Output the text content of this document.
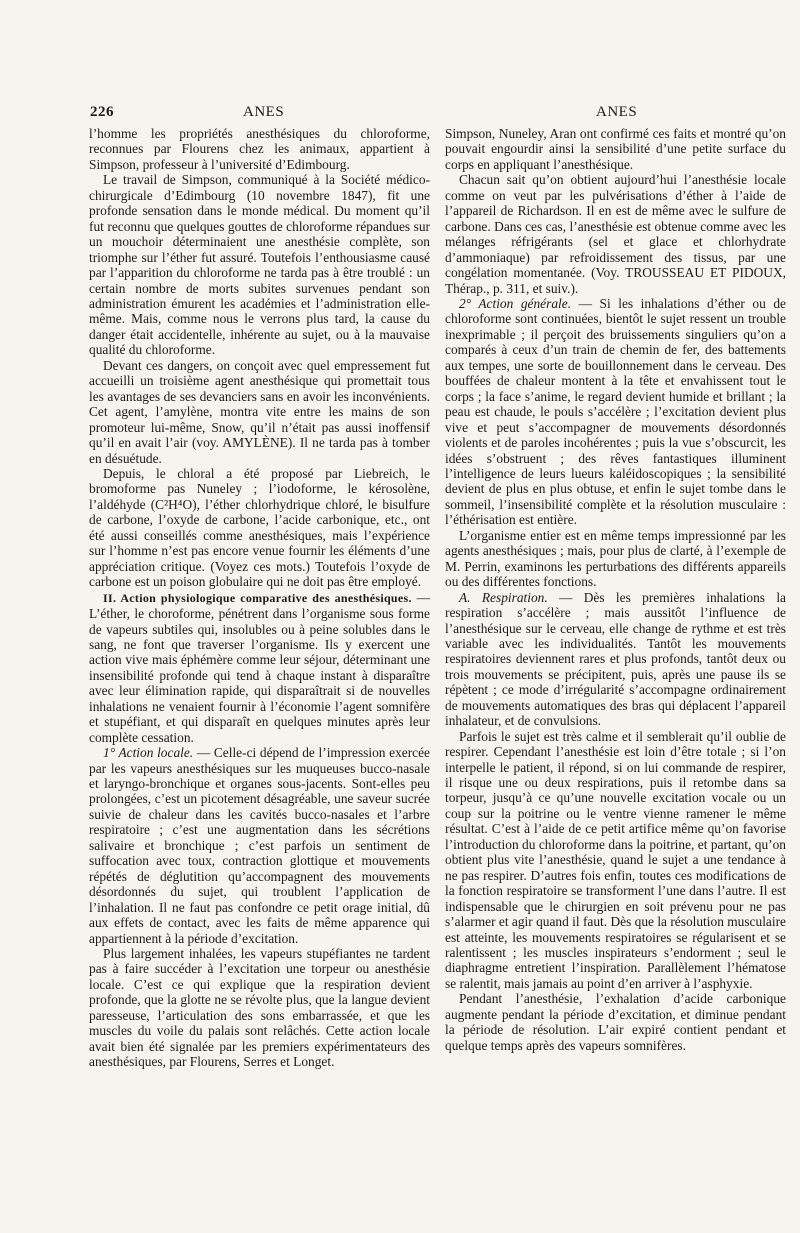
226	ANES	ANES

l’homme les propriétés anesthésiques du chloroforme, reconnues par Flourens chez les animaux, appartient à Simpson, professeur à l’université d’Edimbourg.

Le travail de Simpson, communiqué à la Société médico-chirurgicale d’Edimbourg (10 novembre 1847), fit une profonde sensation dans le monde médical. Du moment qu’il fut reconnu que quelques gouttes de chloroforme répandues sur un mouchoir déterminaient une anesthésie complète, son triomphe sur l’éther fut assuré. Toutefois l’enthousiasme causé par l’apparition du chloroforme ne tarda pas à être troublé : un certain nombre de morts subites survenues pendant son administration émurent les académies et l’administration elle-même. Mais, comme nous le verrons plus tard, la cause du danger était accidentelle, inhérente au sujet, ou à la mauvaise qualité du chloroforme.

Devant ces dangers, on conçoit avec quel empressement fut accueilli un troisième agent anesthésique qui promettait tous les avantages de ses devanciers sans en avoir les inconvénients. Cet agent, l’amylène, montra vite entre les mains de son promoteur lui-même, Snow, qu’il n’était pas aussi inoffensif qu’il en avait l’air (voy. AMYLÈNE). Il ne tarda pas à tomber en désuétude.

Depuis, le chloral a été proposé par Liebreich, le bromoforme pas Nuneley ; l’iodoforme, le kérosolène, l’aldéhyde (C²H⁴O), l’éther chlorhydrique chloré, le bisulfure de carbone, l’oxyde de carbone, l’acide carbonique, etc., ont été aussi conseillés comme anesthésiques, mais l’expérience sur l’homme n’est pas encore venue fournir les éléments d’une appréciation critique. (Voyez ces mots.) Toutefois l’oxyde de carbone est un poison globulaire qui ne doit pas être employé.

II. Action physiologique comparative des anesthésiques. — L’éther, le choroforme, pénétrent dans l’organisme sous forme de vapeurs subtiles qui, insolubles ou à peine solubles dans le sang, ne font que traverser l’organisme. Ils y exercent une action vive mais éphémère comme leur séjour, déterminant une insensibilité profonde qui tend à chaque instant à disparaître avec leur élimination rapide, qui disparaîtrait si de nouvelles inhalations ne venaient fournir à l’économie l’agent somnifère et stupéfiant, et qui disparaît en quelques minutes après leur complète cessation.

1° Action locale. — Celle-ci dépend de l’impression exercée par les vapeurs anesthésiques sur les muqueuses bucco-nasale et laryngo-bronchique et organes sous-jacents. Sont-elles peu prolongées, c’est un picotement désagréable, une saveur sucrée suivie de chaleur dans les cavités bucco-nasales et l’arbre respiratoire ; c’est une augmentation dans les sécrétions salivaire et bronchique ; c’est parfois un sentiment de suffocation avec toux, contraction glottique et mouvements répétés de déglutition qu’accompagnent des mouvements désordonnés du sujet, qui troublent l’application de l’inhalation. Il ne faut pas confondre ce petit orage initial, dû aux effets de contact, avec les faits de même apparence qui appartiennent à la période d’excitation.

Plus largement inhalées, les vapeurs stupéfiantes ne tardent pas à faire succéder à l’excitation une torpeur ou anesthésie locale. C’est ce qui explique que la respiration devient profonde, que la glotte ne se révolte plus, que la langue devient paresseuse, l’articulation des sons embarrassée, et que les muscles du voile du palais sont relâchés. Cette action locale avait bien été signalée par les premiers expérimentateurs des anesthésiques, par Flourens, Serres et Longet.

Simpson, Nuneley, Aran ont confirmé ces faits et montré qu’on pouvait engourdir ainsi la sensibilité d’une petite surface du corps en appliquant l’anesthésique.

Chacun sait qu’on obtient aujourd’hui l’anesthésie locale comme on veut par les pulvérisations d’éther à l’aide de l’appareil de Richardson. Il en est de même avec le sulfure de carbone. Dans ces cas, l’anesthésie est obtenue comme avec les mélanges réfrigérants (sel et glace et chlorhydrate d’ammoniaque) par refroidissement des tissus, par une congélation momentanée. (Voy. TROUSSEAU ET PIDOUX, Thérap., p. 311, et suiv.).

2° Action générale. — Si les inhalations d’éther ou de chloroforme sont continuées, bientôt le sujet ressent un trouble inexprimable ; il perçoit des bruissements singuliers qu’on a comparés à ceux d’un train de chemin de fer, des battements aux tempes, une sorte de bouillonnement dans le cerveau. Des bouffées de chaleur montent à la tête et envahissent tout le corps ; la face s’anime, le regard devient humide et brillant ; la peau est chaude, le pouls s’accélère ; l’excitation devient plus vive et peut s’accompagner de mouvements désordonnés violents et de paroles incohérentes ; puis la vue s’obscurcit, les idées s’obstruent ; des rêves fantastiques illuminent l’intelligence de leurs lueurs kaléidoscopiques ; la sensibilité devient de plus en plus obtuse, et enfin le sujet tombe dans le sommeil, l’insensibilité complète et la résolution musculaire : l’éthérisation est entière.

L’organisme entier est en même temps impressionné par les agents anesthésiques ; mais, pour plus de clarté, à l’exemple de M. Perrin, examinons les perturbations des différents appareils ou des différentes fonctions.

A. Respiration. — Dès les premières inhalations la respiration s’accélère ; mais aussitôt l’influence de l’anesthésique sur le cerveau, elle change de rythme et est très variable avec les individualités. Tantôt les mouvements respiratoires deviennent rares et plus profonds, tantôt deux ou trois mouvements se précipitent, puis, après une pause ils se répètent ; ce mode d’irrégularité s’accompagne ordinairement de mouvements automatiques des bras qui déplacent l’appareil inhalateur, et de convulsions.

Parfois le sujet est très calme et il semblerait qu’il oublie de respirer. Cependant l’anesthésie est loin d’être totale ; si l’on interpelle le patient, il répond, si on lui commande de respirer, il risque une ou deux respirations, puis il retombe dans sa torpeur, jusqu’à ce qu’une nouvelle excitation vocale ou un coup sur la poitrine ou le ventre vienne ramener le même résultat. C’est à l’aide de ce petit artifice même qu’on favorise l’introduction du chloroforme dans la poitrine, et partant, qu’on obtient plus vite l’anesthésie, quand le sujet a une tendance à ne pas respirer. D’autres fois enfin, toutes ces modifications de la fonction respiratoire se transforment l’une dans l’autre. Il est indispensable que le chirurgien en soit prévenu pour ne pas s’alarmer et agir quand il faut. Dès que la résolution musculaire est atteinte, les mouvements respiratoires se régularisent et se ralentissent ; les muscles inspirateurs s’endorment ; seul le diaphragme entretient l’inspiration. Parallèlement l’hématose se ralentit, mais jamais au point d’en arriver à l’asphyxie.

Pendant l’anesthésie, l’exhalation d’acide carbonique augmente pendant la période d’excitation, et diminue pendant la période de résolution. L’air expiré contient pendant et quelque temps après des vapeurs somnifères.
